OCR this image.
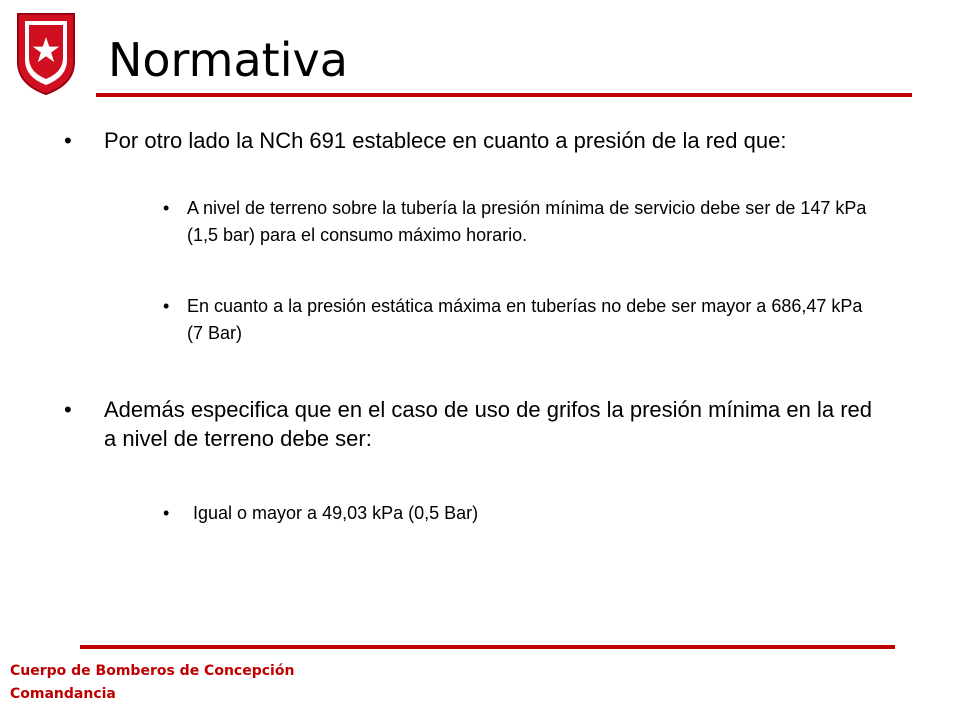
Normativa
•	Por otro lado la NCh 691 establece en cuanto a presión de la red que:
• A nivel de terreno sobre la tubería la presión mínima de servicio debe ser de 147 kPa (1,5 bar) para el consumo máximo horario.
• En cuanto a la presión estática máxima en tuberías no debe ser mayor a 686,47 kPa (7 Bar)
•	Además especifica que en el caso de uso de grifos la presión mínima en la red a nivel de terreno debe ser:
•	Igual o mayor a 49,03 kPa (0,5 Bar)
Cuerpo de Bomberos de Concepción
Comandancia
